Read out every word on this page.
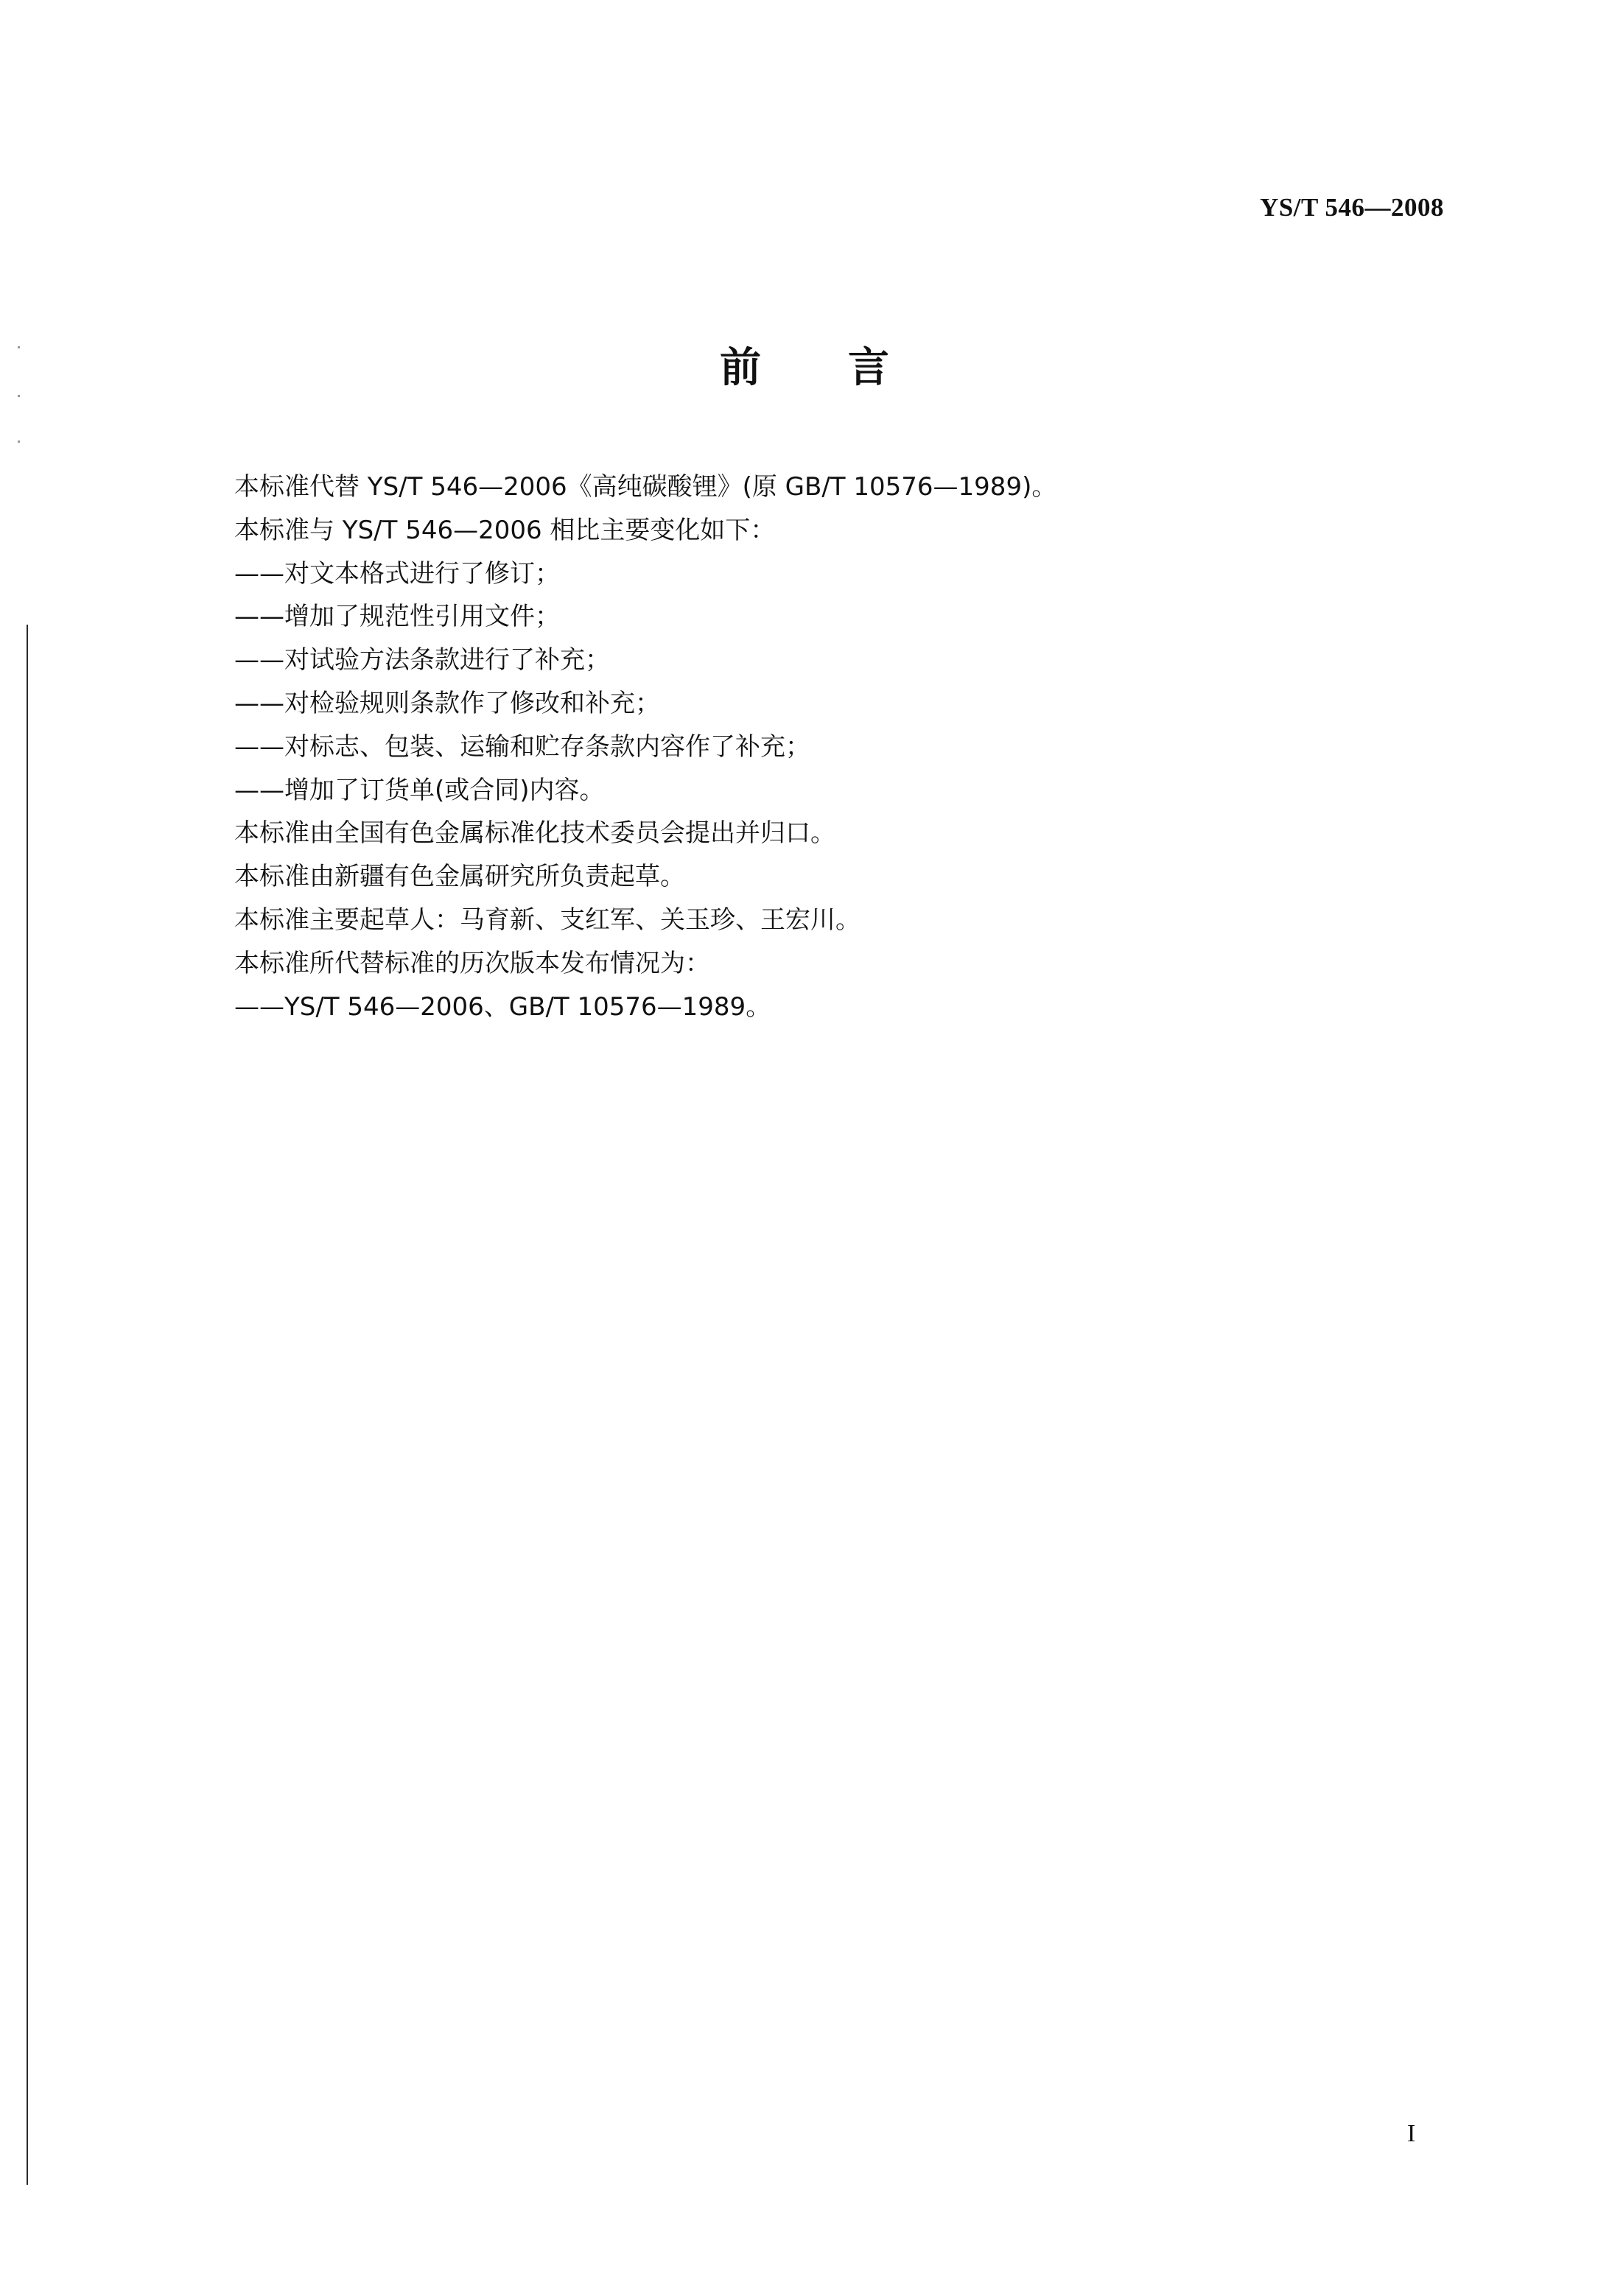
YS/T 546—2008
前言

本标准代替 YS/T 546—2006《高纯碳酸锂》(原 GB/T 10576—1989)。

本标准与 YS/T 546—2006 相比主要变化如下：

——对文本格式进行了修订；

——增加了规范性引用文件；

——对试验方法条款进行了补充；

——对检验规则条款作了修改和补充；

——对标志、包装、运输和贮存条款内容作了补充；

——增加了订货单(或合同)内容。

本标准由全国有色金属标准化技术委员会提出并归口。

本标准由新疆有色金属研究所负责起草。

本标准主要起草人：马育新、支红军、关玉珍、王宏川。

本标准所代替标准的历次版本发布情况为：

——YS/T 546—2006、GB/T 10576—1989。

I
